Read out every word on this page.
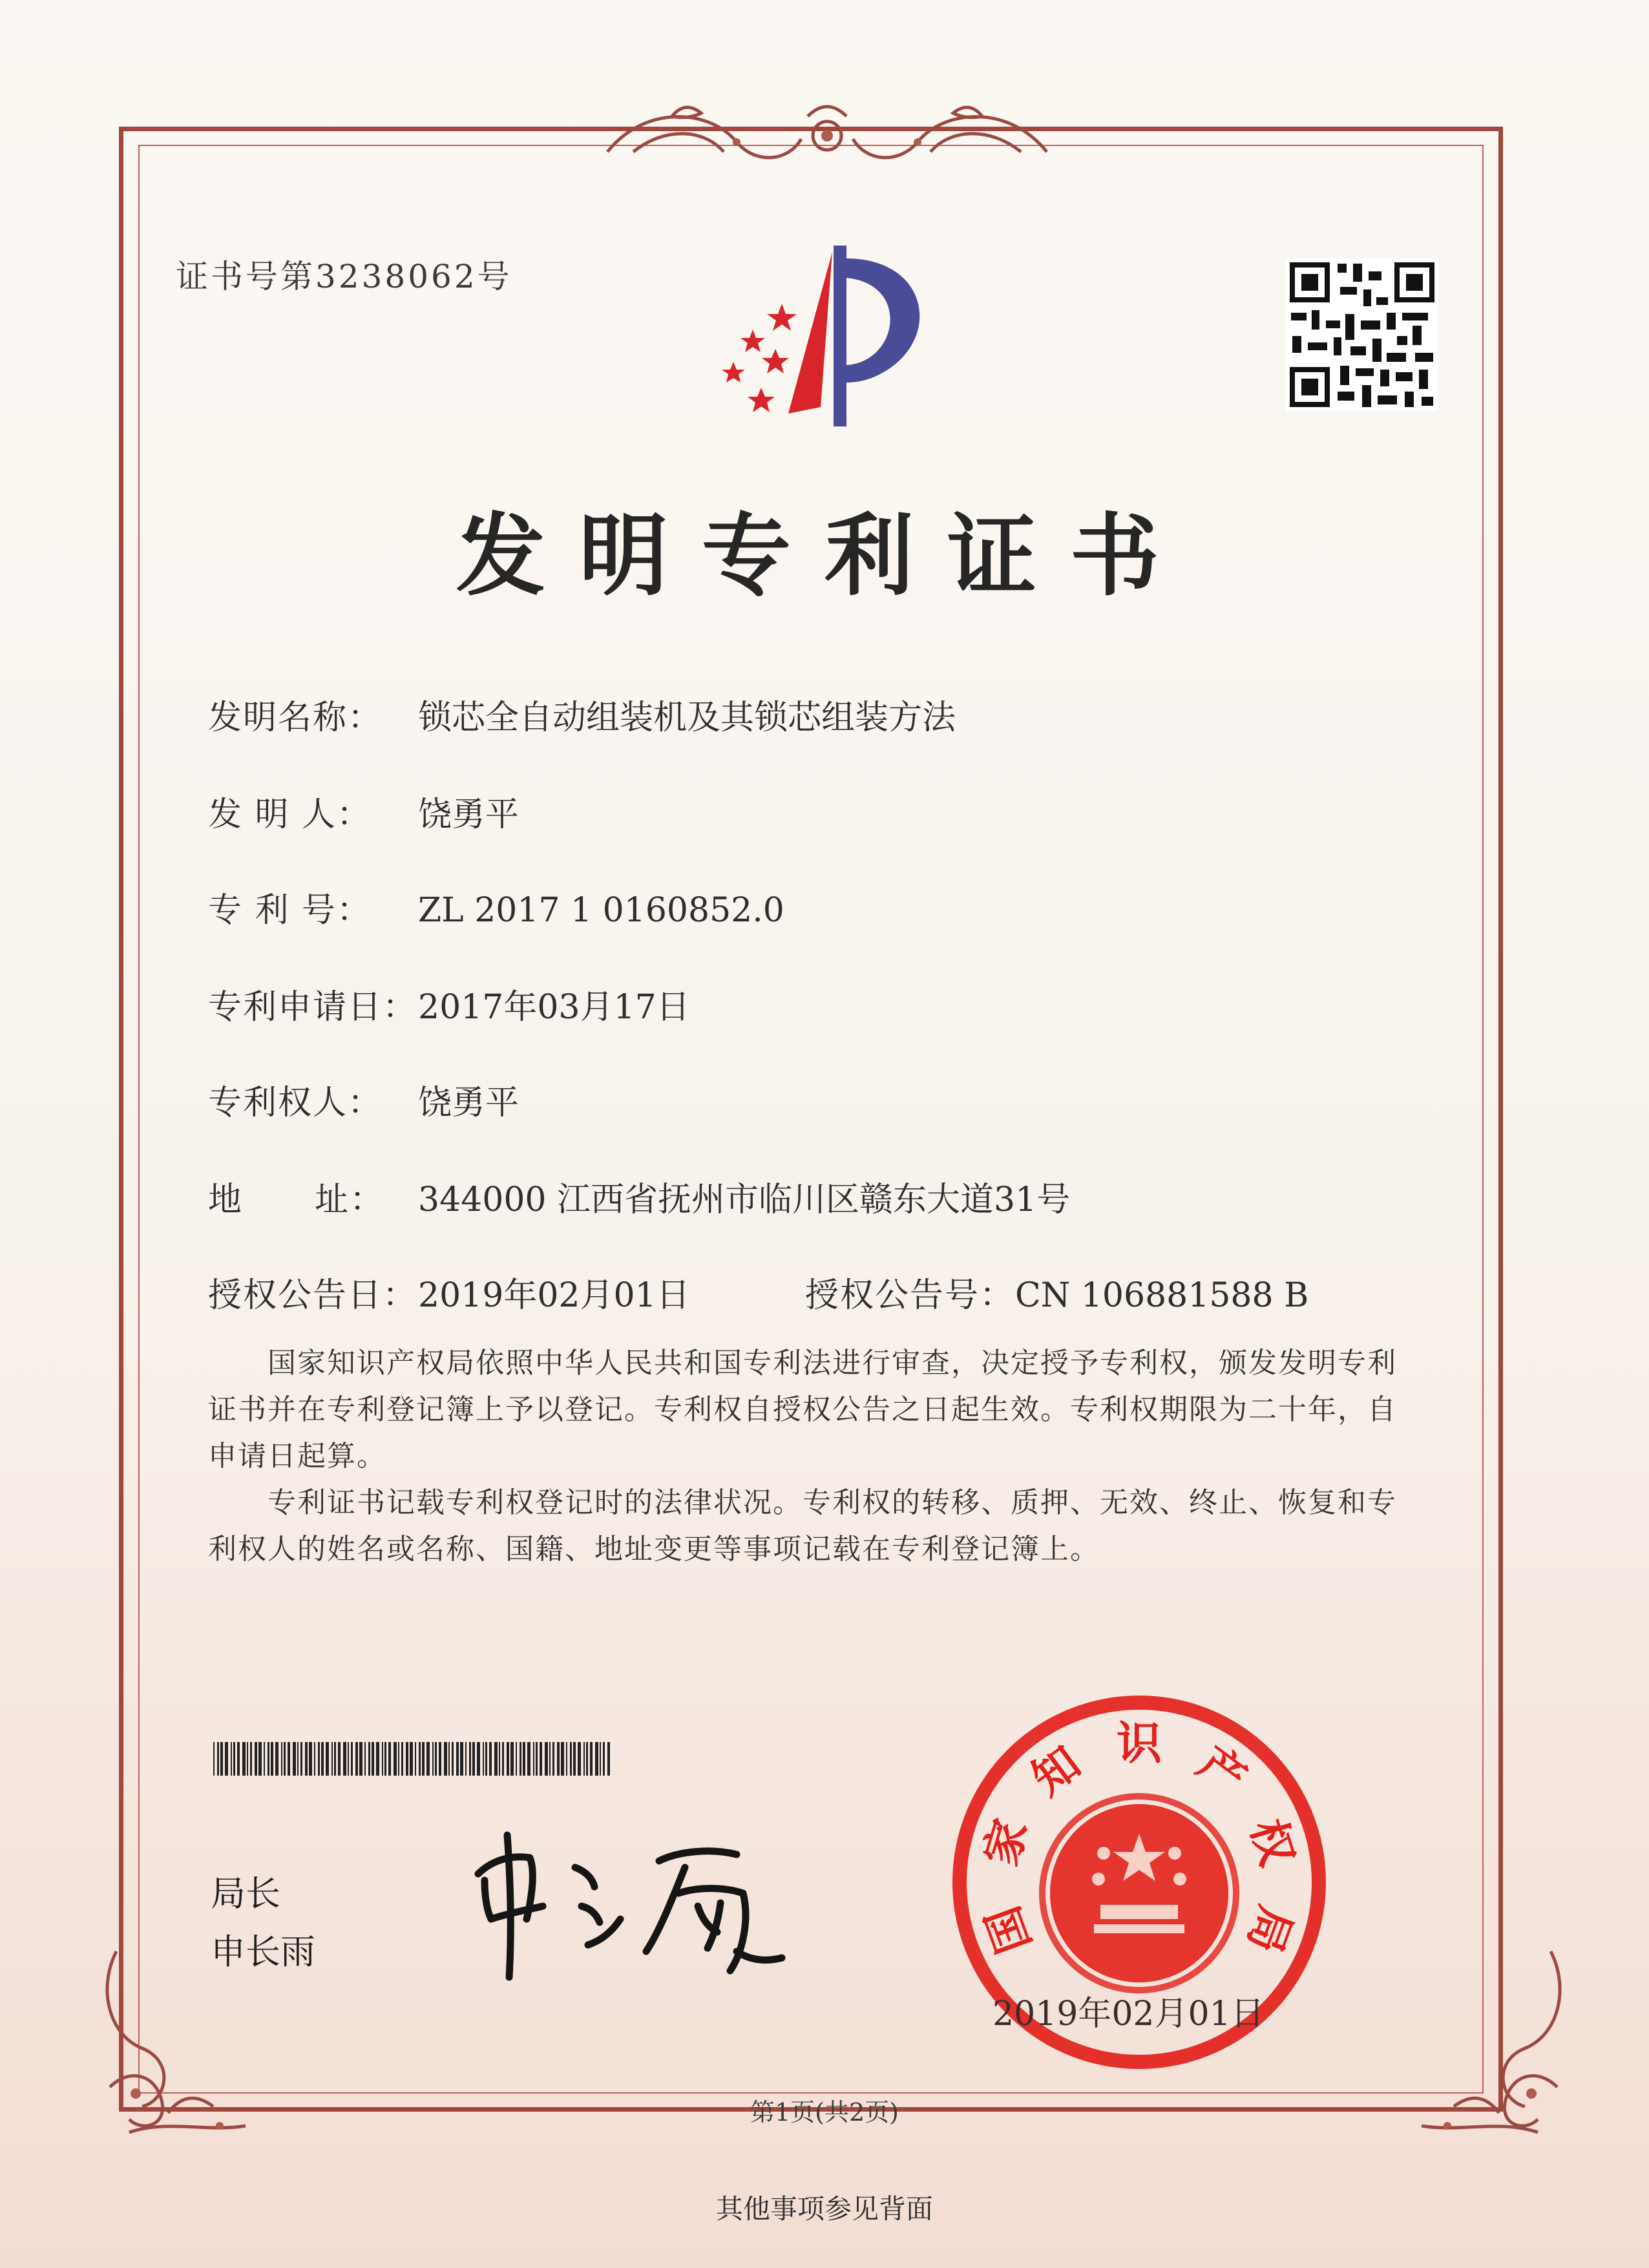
证书号第3238062号
发明专利证书
发明名称： 锁芯全自动组装机及其锁芯组装方法
发 明 人： 饶勇平
专 利 号： ZL 2017 1 0160852.0
专利申请日：2017年03月17日
专利权人： 饶勇平
地      址： 344000 江西省抚州市临川区赣东大道31号
授权公告日：2019年02月01日	授权公告号：CN 106881588 B
国家知识产权局依照中华人民共和国专利法进行审查，决定授予专利权，颁发发明专利证书并在专利登记簿上予以登记。专利权自授权公告之日起生效。专利权期限为二十年，自申请日起算。
专利证书记载专利权登记时的法律状况。专利权的转移、质押、无效、终止、恢复和专利权人的姓名或名称、国籍、地址变更等事项记载在专利登记簿上。
局长
申长雨	国
家
知 识 产
权
局
2019年02月01日
第1页(共2页)
其他事项参见背面
